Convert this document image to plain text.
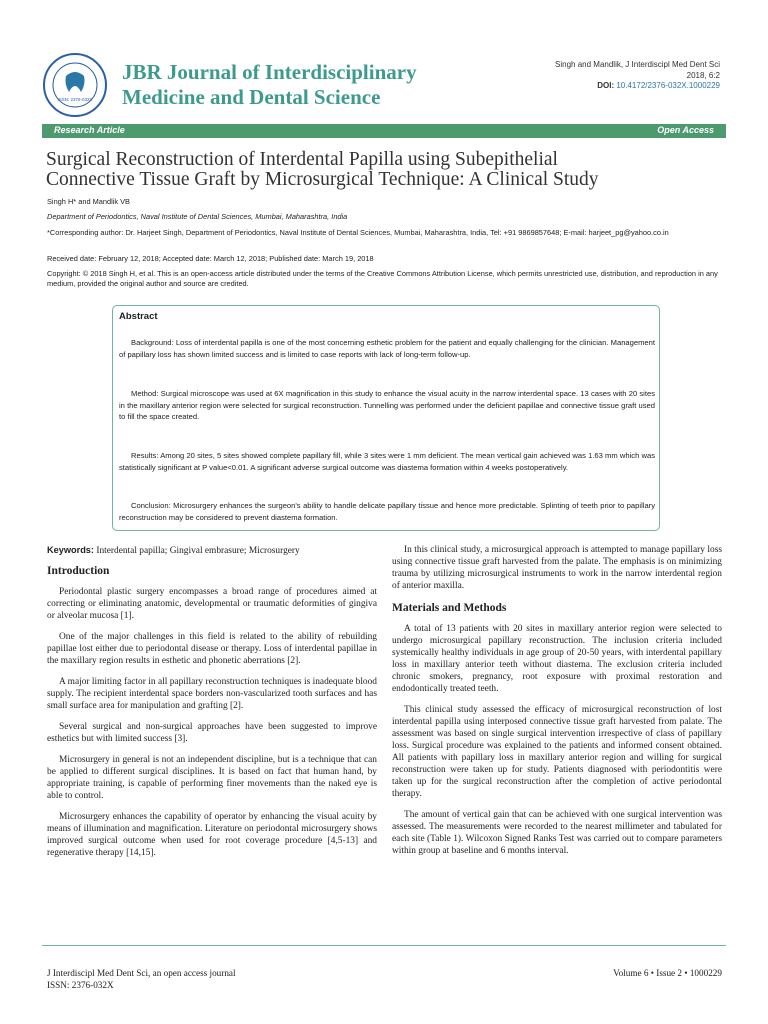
ISSN: 2376-032X
JBR Journal of Interdisciplinary
Medicine and Dental Science
Singh and Mandlik, J Interdiscipl Med Dent Sci
2018, 6:2
DOI: 10.4172/2376-032X.1000229
Research Article	Open Access
Surgical Reconstruction of Interdental Papilla using Subepithelial
Connective Tissue Graft by Microsurgical Technique: A Clinical Study
Singh H* and Mandlik VB
Department of Periodontics, Naval Institute of Dental Sciences, Mumbai, Maharashtra, India
*Corresponding author: Dr. Harjeet Singh, Department of Periodontics, Naval Institute of Dental Sciences, Mumbai, Maharashtra, India, Tel: +91 9869857648; E-mail: harjeet_pg@yahoo.co.in
Received date: February 12, 2018; Accepted date: March 12, 2018; Published date: March 19, 2018
Copyright: © 2018 Singh H, et al. This is an open-access article distributed under the terms of the Creative Commons Attribution License, which permits unrestricted use, distribution, and reproduction in any medium, provided the original author and source are credited.
Abstract
Background: Loss of interdental papilla is one of the most concerning esthetic problem for the patient and equally challenging for the clinician. Management of papillary loss has shown limited success and is limited to case reports with lack of long-term follow-up.
Method: Surgical microscope was used at 6X magnification in this study to enhance the visual acuity in the narrow interdental space. 13 cases with 20 sites in the maxillary anterior region were selected for surgical reconstruction. Tunnelling was performed under the deficient papillae and connective tissue graft used to fill the space created.
Results: Among 20 sites, 5 sites showed complete papillary fill, while 3 sites were 1 mm deficient. The mean vertical gain achieved was 1.63 mm which was statistically significant at P value<0.01. A significant adverse surgical outcome was diastema formation within 4 weeks postoperatively.
Conclusion: Microsurgery enhances the surgeon's ability to handle delicate papillary tissue and hence more predictable. Splinting of teeth prior to papillary reconstruction may be considered to prevent diastema formation.
Keywords: Interdental papilla; Gingival embrasure; Microsurgery
Introduction

Periodontal plastic surgery encompasses a broad range of procedures aimed at correcting or eliminating anatomic, developmental or traumatic deformities of gingiva or alveolar mucosa [1].

One of the major challenges in this field is related to the ability of rebuilding papillae lost either due to periodontal disease or therapy. Loss of interdental papillae in the maxillary region results in esthetic and phonetic aberrations [2].

A major limiting factor in all papillary reconstruction techniques is inadequate blood supply. The recipient interdental space borders non-vascularized tooth surfaces and has small surface area for manipulation and grafting [2].

Several surgical and non-surgical approaches have been suggested to improve esthetics but with limited success [3].

Microsurgery in general is not an independent discipline, but is a technique that can be applied to different surgical disciplines. It is based on fact that human hand, by appropriate training, is capable of performing finer movements than the naked eye is able to control.

Microsurgery enhances the capability of operator by enhancing the visual acuity by means of illumination and magnification. Literature on periodontal microsurgery shows improved surgical outcome when used for root coverage procedure [4,5-13] and regenerative therapy [14,15].

In this clinical study, a microsurgical approach is attempted to manage papillary loss using connective tissue graft harvested from the palate. The emphasis is on minimizing trauma by utilizing microsurgical instruments to work in the narrow interdental region of anterior maxilla.

Materials and Methods

A total of 13 patients with 20 sites in maxillary anterior region were selected to undergo microsurgical papillary reconstruction. The inclusion criteria included systemically healthy individuals in age group of 20-50 years, with interdental papillary loss in maxillary anterior teeth without diastema. The exclusion criteria included chronic smokers, pregnancy, root exposure with proximal restoration and endodontically treated teeth.

This clinical study assessed the efficacy of microsurgical reconstruction of lost interdental papilla using interposed connective tissue graft harvested from palate. The assessment was based on single surgical intervention irrespective of class of papillary loss. Surgical procedure was explained to the patients and informed consent obtained. All patients with papillary loss in maxillary anterior region and willing for surgical reconstruction were taken up for study. Patients diagnosed with periodontitis were taken up for the surgical reconstruction after the completion of active periodontal therapy.

The amount of vertical gain that can be achieved with one surgical intervention was assessed. The measurements were recorded to the nearest millimeter and tabulated for each site (Table 1). Wilcoxon Signed Ranks Test was carried out to compare parameters within group at baseline and 6 months interval.

J Interdiscipl Med Dent Sci, an open access journal
ISSN: 2376-032X
Volume 6 • Issue 2 • 1000229
